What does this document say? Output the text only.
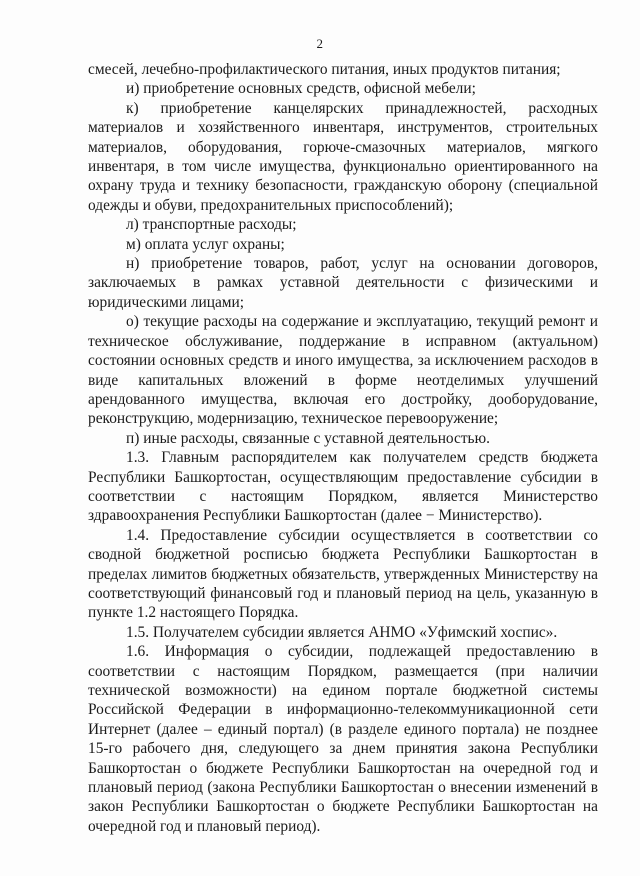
2

смесей, лечебно-профилактического питания, иных продуктов питания;

и) приобретение основных средств, офисной мебели;

к) приобретение канцелярских принадлежностей, расходных материалов и хозяйственного инвентаря, инструментов, строительных материалов, оборудования, горюче-смазочных материалов, мягкого инвентаря, в том числе имущества, функционально ориентированного на охрану труда и технику безопасности, гражданскую оборону (специальной одежды и обуви, предохранительных приспособлений);

л) транспортные расходы;

м) оплата услуг охраны;

н) приобретение товаров, работ, услуг на основании договоров, заключаемых в рамках уставной деятельности с физическими и юридическими лицами;

о) текущие расходы на содержание и эксплуатацию, текущий ремонт и техническое обслуживание, поддержание в исправном (актуальном) состоянии основных средств и иного имущества, за исключением расходов в виде капитальных вложений в форме неотделимых улучшений арендованного имущества, включая его достройку, дооборудование, реконструкцию, модернизацию, техническое перевооружение;

п) иные расходы, связанные с уставной деятельностью.

1.3. Главным распорядителем как получателем средств бюджета Республики Башкортостан, осуществляющим предоставление субсидии в соответствии с настоящим Порядком, является Министерство здравоохранения Республики Башкортостан (далее − Министерство).

1.4. Предоставление субсидии осуществляется в соответствии со сводной бюджетной росписью бюджета Республики Башкортостан в пределах лимитов бюджетных обязательств, утвержденных Министерству на соответствующий финансовый год и плановый период на цель, указанную в пункте 1.2 настоящего Порядка.

1.5. Получателем субсидии является АНМО «Уфимский хоспис».

1.6. Информация о субсидии, подлежащей предоставлению в соответствии с настоящим Порядком, размещается (при наличии технической возможности) на едином портале бюджетной системы Российской Федерации в информационно-телекоммуникационной сети Интернет (далее – единый портал) (в разделе единого портала) не позднее 15-го рабочего дня, следующего за днем принятия закона Республики Башкортостан о бюджете Республики Башкортостан на очередной год и плановый период (закона Республики Башкортостан о внесении изменений в закон Республики Башкортостан о бюджете Республики Башкортостан на очередной год и плановый период).
